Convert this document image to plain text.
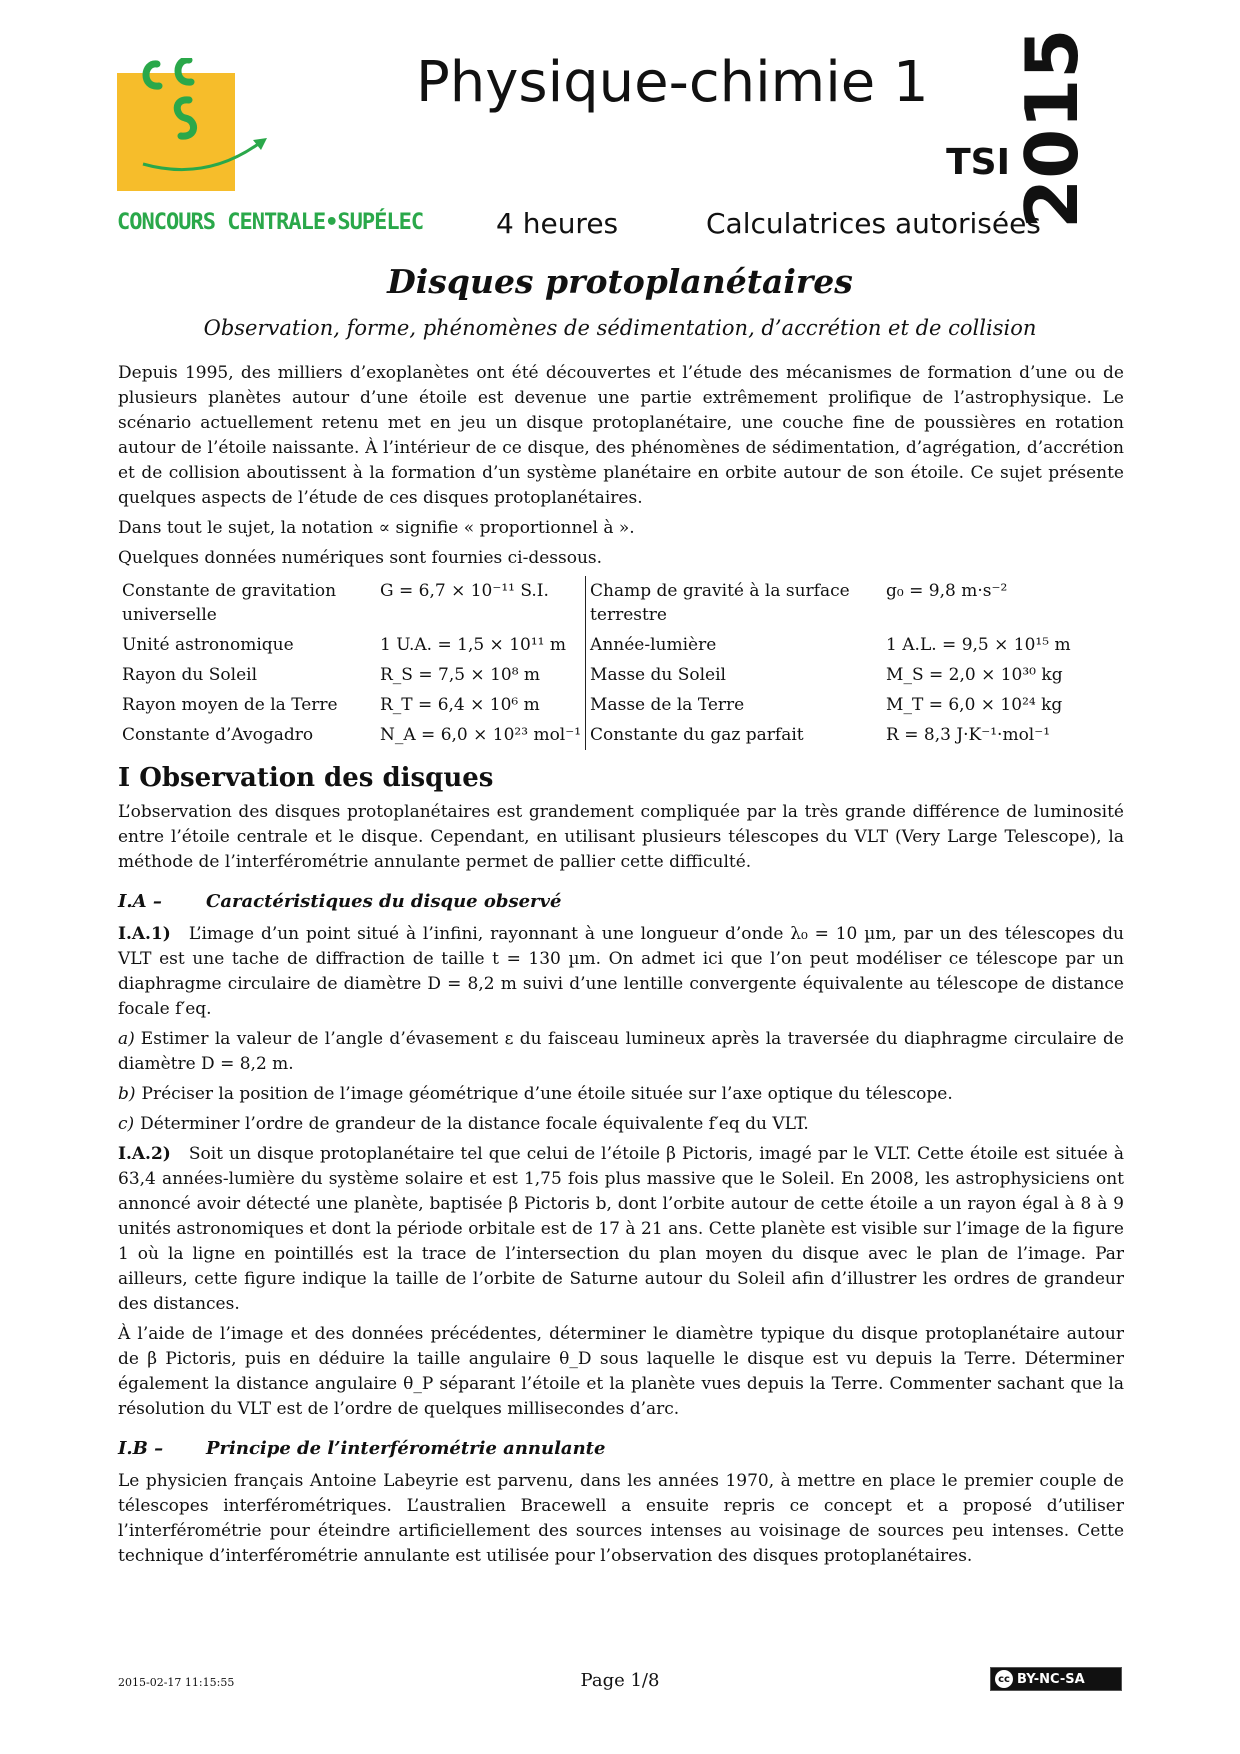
CONCOURS CENTRALE•SUPÉLEC
Physique-chimie 1
TSI 2015
4 heures	Calculatrices autorisées
Disques protoplanétaires
Observation, forme, phénomènes de sédimentation, d’accrétion et de collision

Depuis 1995, des milliers d’exoplanètes ont été découvertes et l’étude des mécanismes de formation d’une ou de plusieurs planètes autour d’une étoile est devenue une partie extrêmement prolifique de l’astrophysique. Le scénario actuellement retenu met en jeu un disque protoplanétaire, une couche fine de poussières en rotation autour de l’étoile naissante. À l’intérieur de ce disque, des phénomènes de sédimentation, d’agrégation, d’accrétion et de collision aboutissent à la formation d’un système planétaire en orbite autour de son étoile. Ce sujet présente quelques aspects de l’étude de ces disques protoplanétaires.

Dans tout le sujet, la notation ∝ signifie « proportionnel à ».

Quelques données numériques sont fournies ci-dessous.

Constante de gravitation universelle	G = 6,7 × 10⁻¹¹ S.I.	Champ de gravité à la surface terrestre	g₀ = 9,8 m·s⁻²
Unité astronomique	1 U.A. = 1,5 × 10¹¹ m	Année-lumière	1 A.L. = 9,5 × 10¹⁵ m
Rayon du Soleil	R_S = 7,5 × 10⁸ m	Masse du Soleil	M_S = 2,0 × 10³⁰ kg
Rayon moyen de la Terre	R_T = 6,4 × 10⁶ m	Masse de la Terre	M_T = 6,0 × 10²⁴ kg
Constante d’Avogadro	N_A = 6,0 × 10²³ mol⁻¹	Constante du gaz parfait	R = 8,3 J·K⁻¹·mol⁻¹
I Observation des disques

L’observation des disques protoplanétaires est grandement compliquée par la très grande différence de luminosité entre l’étoile centrale et le disque. Cependant, en utilisant plusieurs télescopes du VLT (Very Large Telescope), la méthode de l’interférométrie annulante permet de pallier cette difficulté.

I.A – Caractéristiques du disque observé

I.A.1) L’image d’un point situé à l’infini, rayonnant à une longueur d’onde λ₀ = 10 µm, par un des télescopes du VLT est une tache de diffraction de taille t = 130 µm. On admet ici que l’on peut modéliser ce télescope par un diaphragme circulaire de diamètre D = 8,2 m suivi d’une lentille convergente équivalente au télescope de distance focale f′eq.

a) Estimer la valeur de l’angle d’évasement ε du faisceau lumineux après la traversée du diaphragme circulaire de diamètre D = 8,2 m.

b) Préciser la position de l’image géométrique d’une étoile située sur l’axe optique du télescope.

c) Déterminer l’ordre de grandeur de la distance focale équivalente f′eq du VLT.

I.A.2) Soit un disque protoplanétaire tel que celui de l’étoile β Pictoris, imagé par le VLT. Cette étoile est située à 63,4 années-lumière du système solaire et est 1,75 fois plus massive que le Soleil. En 2008, les astrophysiciens ont annoncé avoir détecté une planète, baptisée β Pictoris b, dont l’orbite autour de cette étoile a un rayon égal à 8 à 9 unités astronomiques et dont la période orbitale est de 17 à 21 ans. Cette planète est visible sur l’image de la figure 1 où la ligne en pointillés est la trace de l’intersection du plan moyen du disque avec le plan de l’image. Par ailleurs, cette figure indique la taille de l’orbite de Saturne autour du Soleil afin d’illustrer les ordres de grandeur des distances.

À l’aide de l’image et des données précédentes, déterminer le diamètre typique du disque protoplanétaire autour de β Pictoris, puis en déduire la taille angulaire θ_D sous laquelle le disque est vu depuis la Terre. Déterminer également la distance angulaire θ_P séparant l’étoile et la planète vues depuis la Terre. Commenter sachant que la résolution du VLT est de l’ordre de quelques millisecondes d’arc.

I.B – Principe de l’interférométrie annulante

Le physicien français Antoine Labeyrie est parvenu, dans les années 1970, à mettre en place le premier couple de télescopes interférométriques. L’australien Bracewell a ensuite repris ce concept et a proposé d’utiliser l’interférométrie pour éteindre artificiellement des sources intenses au voisinage de sources peu intenses. Cette technique d’interférométrie annulante est utilisée pour l’observation des disques protoplanétaires.

2015-02-17 11:15:55	Page 1/8	cc BY-NC-SA
